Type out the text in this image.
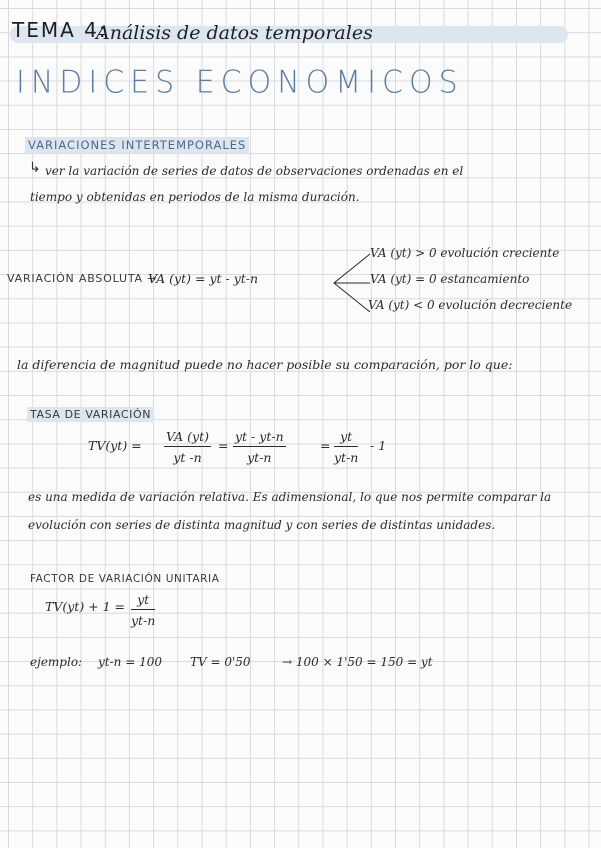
TEMA 4:
Análisis de datos temporales
INDICES ECONOMICOS
VARIACIONES INTERTEMPORALES
↳ ver la variación de series de datos de observaciones ordenadas en el
tiempo y obtenidas en periodos de la misma duración.
VARIACIÓN ABSOLUTA →
VA (yt) = yt - yt-n
VA (yt) > 0 evolución creciente
VA (yt) = 0 estancamiento
VA (yt) < 0 evolución decreciente
la diferencia de magnitud puede no hacer posible su comparación, por lo que:
TASA DE VARIACIÓN
$TV(yt) = \frac{VA (yt)}{yt -n} = \frac{yt - yt-n}{yt-n}$	= $\frac{yt}{yt-n} - 1$
es una medida de variación relativa. Es adimensional, lo que nos permite comparar la
evolución con series de distinta magnitud y con series de distintas unidades.
FACTOR DE VARIACIÓN UNITARIA
$TV(yt) + 1 = \frac{yt}{yt-n}$
ejemplo: yt-n = 100 TV = 0'50	→ 100 × 1'50 = 150 = yt
